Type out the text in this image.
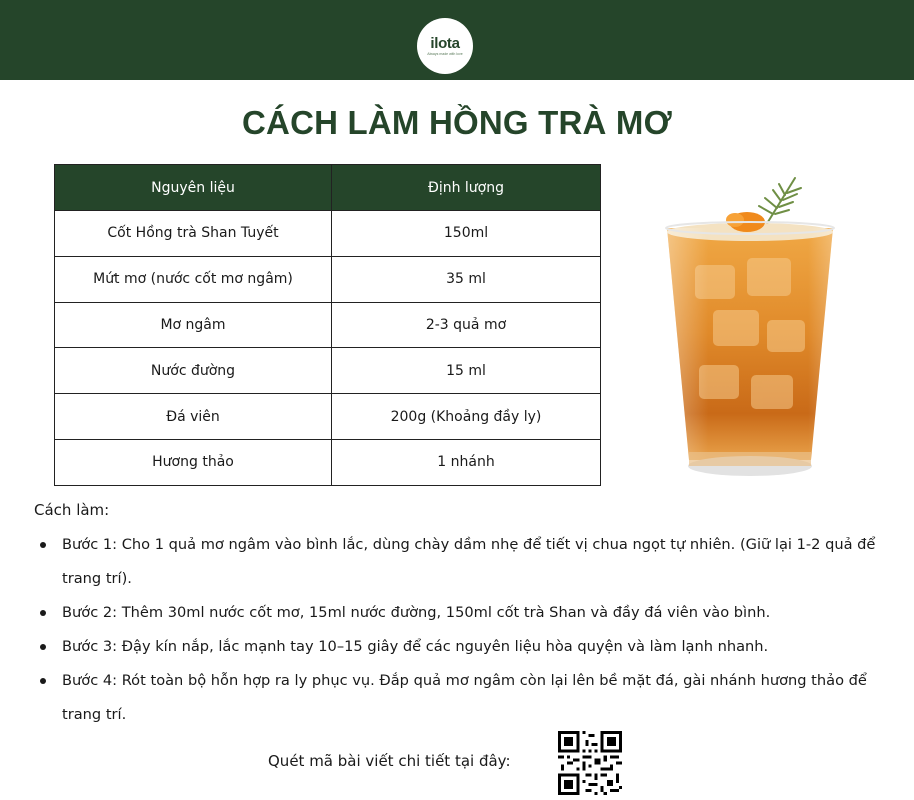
ilota
Always made with love
CÁCH LÀM HỒNG TRÀ MƠ
Nguyên liệu	Định lượng
Cốt Hồng trà Shan Tuyết	150ml
Mứt mơ (nước cốt mơ ngâm)	35 ml
Mơ ngâm	2-3 quả mơ
Nước đường	15 ml
Đá viên	200g (Khoảng đầy ly)
Hương thảo	1 nhánh
Cách làm:
Bước 1: Cho 1 quả mơ ngâm vào bình lắc, dùng chày dầm nhẹ để tiết vị chua ngọt tự nhiên. (Giữ lại 1-2 quả để trang trí).
Bước 2: Thêm 30ml nước cốt mơ, 15ml nước đường, 150ml cốt trà Shan và đầy đá viên vào bình.
Bước 3: Đậy kín nắp, lắc mạnh tay 10–15 giây để các nguyên liệu hòa quyện và làm lạnh nhanh.
Bước 4: Rót toàn bộ hỗn hợp ra ly phục vụ. Đắp quả mơ ngâm còn lại lên bề mặt đá, gài nhánh hương thảo để trang trí.
Quét mã bài viết chi tiết tại đây:
